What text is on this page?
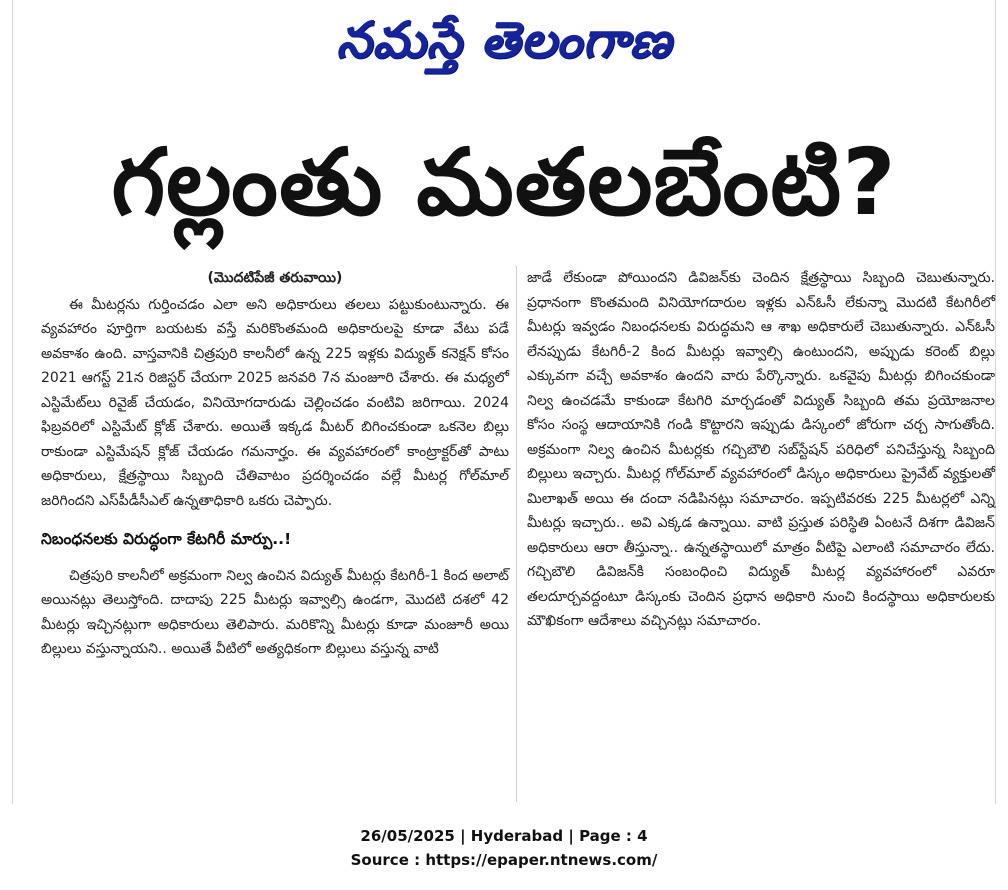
నమస్తే తెలంగాణ
గల్లంతు మతలబేంటి?
(మొదటిపేజీ తరువాయి)

ఈ మీటర్లను గుర్తించడం ఎలా అని అధికారులు తలలు పట్టుకుంటున్నారు. ఈ వ్యవహారం పూర్తిగా బయటకు వస్తే మరికొంతమంది అధికారులపై కూడా వేటు పడే అవకాశం ఉంది. వాస్తవానికి చిత్రపురి కాలనీలో ఉన్న 225 ఇళ్లకు విద్యుత్ కనెక్షన్ కోసం 2021 ఆగస్ట్ 21న రిజిస్టర్ చేయగా 2025 జనవరి 7న మంజూరి చేశారు. ఈ మధ్యలో ఎస్టిమేట్‌లు రివైజ్ చేయడం, వినియోగదారుడు చెల్లించడం వంటివి జరిగాయి. 2024 ఫిబ్రవరిలో ఎస్టిమేట్ క్లోజ్ చేశారు. అయితే ఇక్కడ మీటర్ బిగించకుండా ఒకనెల బిల్లు రాకుండా ఎస్టిమేషన్ క్లోజ్ చేయడం గమనార్హం. ఈ వ్యవహారంలో కాంట్రాక్టర్‌తో పాటు అధికారులు, క్షేత్రస్థాయి సిబ్బంది చేతివాటం ప్రదర్శించడం వల్లే మీటర్ల గోల్‌మాల్ జరిగిందని ఎస్‌పీడీసీఎల్ ఉన్నతాధికారి ఒకరు చెప్పారు.

నిబంధనలకు విరుద్ధంగా కేటగిరీ మార్పు..!

చిత్రపురి కాలనీలో అక్రమంగా నిల్వ ఉంచిన విద్యుత్ మీటర్లు కేటగిరీ-1 కింద అలాట్ అయినట్లు తెలుస్తోంది. దాదాపు 225 మీటర్లు ఇవ్వాల్సి ఉండగా, మొదటి దశలో 42 మీటర్లు ఇచ్చినట్లుగా అధికారులు తెలిపారు. మరికొన్ని మీటర్లు కూడా మంజూరీ అయి బిల్లులు వస్తున్నాయని.. అయితే వీటిలో అత్యధికంగా బిల్లులు వస్తున్న వాటి

జాడే లేకుండా పోయిందని డివిజన్‌కు చెందిన క్షేత్రస్థాయి సిబ్బంది చెబుతున్నారు. ప్రధానంగా కొంతమంది వినియోగదారుల ఇళ్లకు ఎన్‌ఓసీ లేకున్నా మొదటి కేటగిరీలో మీటర్లు ఇవ్వడం నిబంధనలకు విరుద్ధమని ఆ శాఖ అధికారులే చెబుతున్నారు. ఎన్‌ఓసీ లేనప్పుడు కేటగిరీ-2 కింద మీటర్లు ఇవ్వాల్సి ఉంటుందని, అప్పుడు కరెంట్ బిల్లు ఎక్కువగా వచ్చే అవకాశం ఉందని వారు పేర్కొన్నారు. ఒకవైపు మీటర్లు బిగించకుండా నిల్వ ఉంచడమే కాకుండా కేటగిరి మార్చడంతో విద్యుత్ సిబ్బంది తమ ప్రయోజనాల కోసం సంస్థ ఆదాయానికి గండి కొట్టారని ఇప్పుడు డిస్కంలో జోరుగా చర్చ సాగుతోంది. అక్రమంగా నిల్వ ఉంచిన మీటర్లకు గచ్చిబౌలి సబ్‌స్టేషన్ పరిధిలో పనిచేస్తున్న సిబ్బంది బిల్లులు ఇచ్చారు. మీటర్ల గోల్‌మాల్ వ్యవహారంలో డిస్కం అధికారులు ప్రైవేట్ వ్యక్తులతో మిలాఖత్ అయి ఈ దందా నడిపినట్లు సమాచారం. ఇప్పటివరకు 225 మీటర్లలో ఎన్ని మీటర్లు ఇచ్చారు.. అవి ఎక్కడ ఉన్నాయి. వాటి ప్రస్తుత పరిస్థితి ఏంటనే దిశగా డివిజన్ అధికారులు ఆరా తీస్తున్నా.. ఉన్నతస్థాయిలో మాత్రం వీటిపై ఎలాంటి సమాచారం లేదు. గచ్చిబౌలి డివిజన్‌కి సంబంధించి విద్యుత్ మీటర్ల వ్యవహారంలో ఎవరూ తలదూర్చవద్దంటూ డిస్కంకు చెందిన ప్రధాన అధికారి నుంచి కిందస్థాయి అధికారులకు మౌఖికంగా ఆదేశాలు వచ్చినట్లు సమాచారం.

26/05/2025 | Hyderabad | Page : 4
Source : https://epaper.ntnews.com/
